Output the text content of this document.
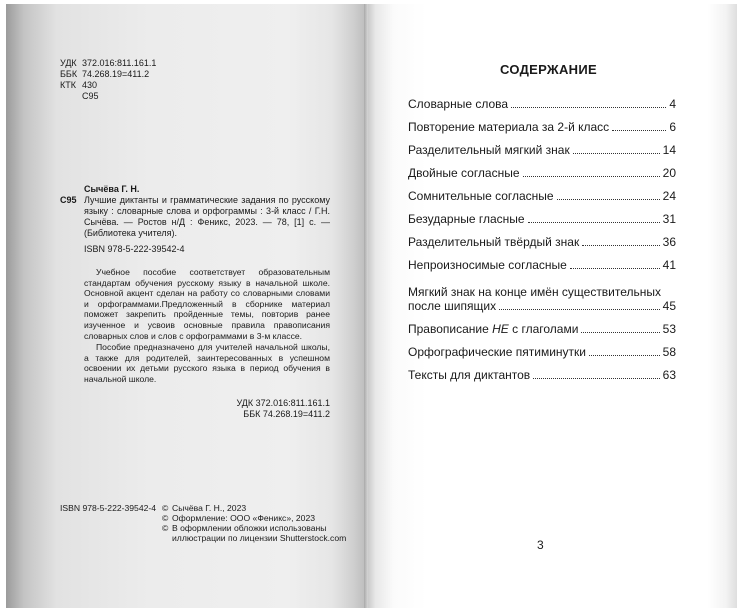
УДК 372.016:811.161.1
ББК 74.268.19=411.2
КТК 430
С95
Сычёва Г. Н.
С95 Лучшие диктанты и грамматические задания по русскому языку : словарные слова и орфограммы : 3-й класс / Г.Н. Сычёва. — Ростов н/Д : Феникс, 2023. — 78, [1] с. — (Библиотека учителя).
ISBN 978-5-222-39542-4

Учебное пособие соответствует образовательным стандартам обучения русскому языку в начальной школе. Основной акцент сделан на работу со словарными словами и орфограммами.Предложенный в сборнике материал поможет закрепить пройденные темы, повторив ранее изученное и усвоив основные правила правописания словарных слов и слов с орфограммами в 3-м классе.

Пособие предназначено для учителей начальной школы, а также для родителей, заинтересованных в успешном освоении их детьми русского языка в период обучения в начальной школе.

УДК 372.016:811.161.1
ББК 74.268.19=411.2
ISBN 978-5-222-39542-4 © Сычёва Г. Н., 2023
© Оформление: ООО «Феникс», 2023
© В оформлении обложки использованы
иллюстрации по лицензии Shutterstock.com
СОДЕРЖАНИЕ
Словарные слова	4
Повторение материала за 2-й класс	6
Разделительный мягкий знак	14
Двойные согласные	20
Сомнительные согласные	24
Безударные гласные	31
Разделительный твёрдый знак	36
Непроизносимые согласные	41
Мягкий знак на конце имён существительных
после шипящих	45
Правописание НЕ с глаголами	53
Орфографические пятиминутки	58
Тексты для диктантов	63
3
